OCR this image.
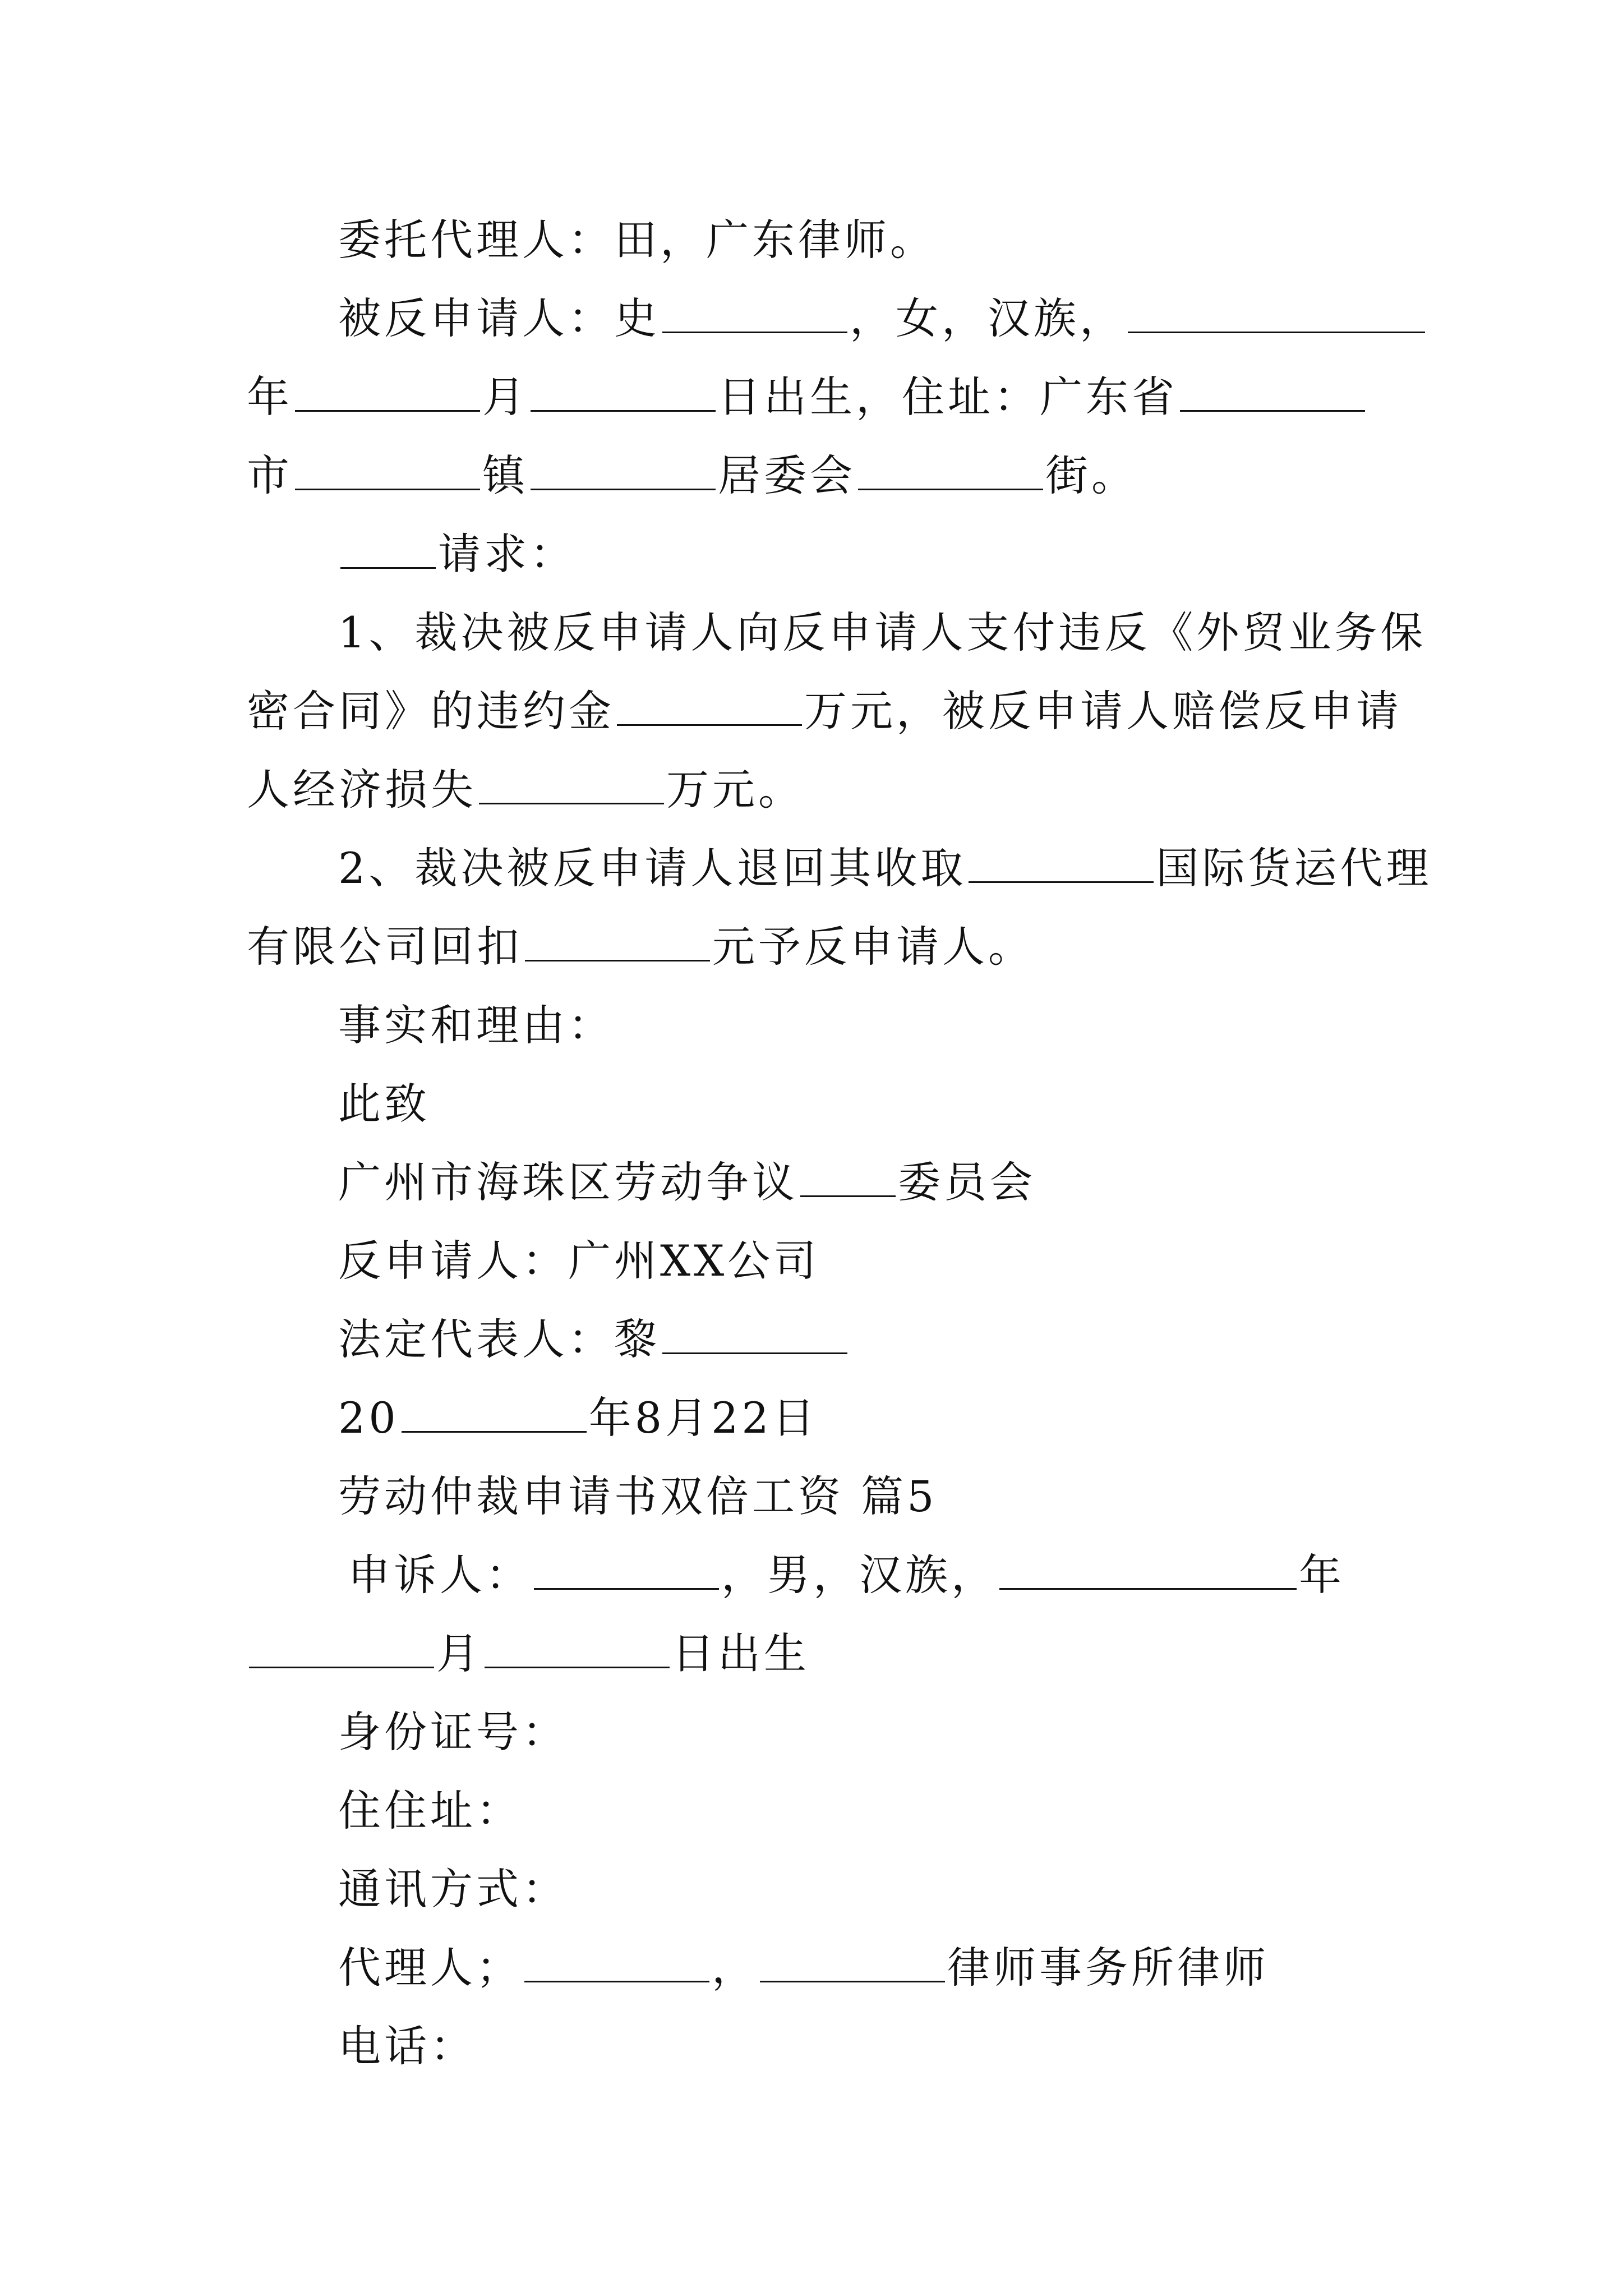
委托代理人：田，广东律师。
被反申请人：史	，女，汉族，
年	月	日出生，住址：广东省
市	镇	居委会	街。
请求：
1、裁决被反申请人向反申请人支付违反《外贸业务保
密合同》的违约金	万元，被反申请人赔偿反申请
人经济损失	万元。
2、裁决被反申请人退回其收取	国际货运代理
有限公司回扣	元予反申请人。
事实和理由：
此致
广州市海珠区劳动争议 委员会
反申请人：广州XX公司
法定代表人：黎
20	年8月22日
劳动仲裁申请书双倍工资 篇5
申诉人：	，男，汉族，	年
月	日出生
身份证号：
住住址：
通讯方式：
代理人；	，	律师事务所律师
电话：
